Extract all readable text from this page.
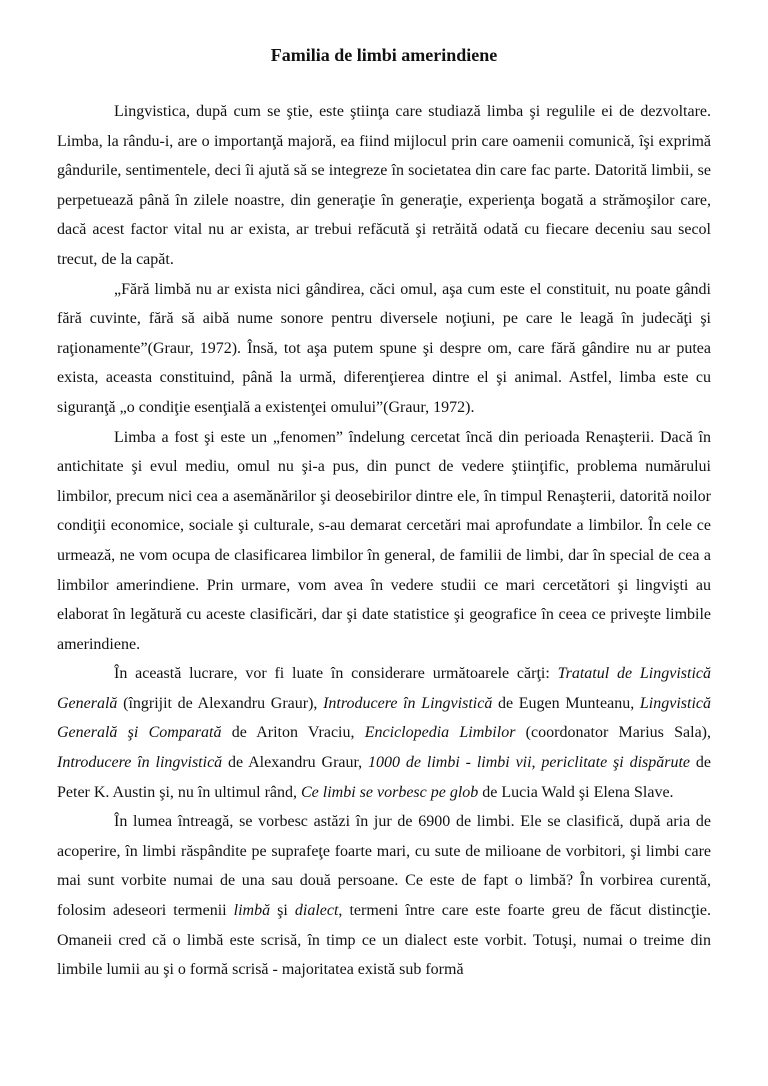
Familia de limbi amerindiene

Lingvistica, după cum se ştie, este ştiinţa care studiază limba şi regulile ei de dezvoltare. Limba, la rându-i, are o importanţă majoră, ea fiind mijlocul prin care oamenii comunică, îşi exprimă gândurile, sentimentele, deci îi ajută să se integreze în societatea din care fac parte. Datorită limbii, se perpetuează până în zilele noastre, din generaţie în generaţie, experienţa bogată a strămoşilor care, dacă acest factor vital nu ar exista, ar trebui refăcută şi retrăită odată cu fiecare deceniu sau secol trecut, de la capăt.

„Fără limbă nu ar exista nici gândirea, căci omul, aşa cum este el constituit, nu poate gândi fără cuvinte, fără să aibă nume sonore pentru diversele noţiuni, pe care le leagă în judecăţi şi raţionamente”(Graur, 1972). Însă, tot aşa putem spune şi despre om, care fără gândire nu ar putea exista, aceasta constituind, până la urmă, diferenţierea dintre el şi animal. Astfel, limba este cu siguranţă „o condiţie esenţială a existenţei omului”(Graur, 1972).

Limba a fost şi este un „fenomen” îndelung cercetat încă din perioada Renaşterii. Dacă în antichitate şi evul mediu, omul nu şi-a pus, din punct de vedere ştiinţific, problema numărului limbilor, precum nici cea a asemănărilor şi deosebirilor dintre ele, în timpul Renaşterii, datorită noilor condiţii economice, sociale şi culturale, s-au demarat cercetări mai aprofundate a limbilor. În cele ce urmează, ne vom ocupa de clasificarea limbilor în general, de familii de limbi, dar în special de cea a limbilor amerindiene. Prin urmare, vom avea în vedere studii ce mari cercetători şi lingvişti au elaborat în legătură cu aceste clasificări, dar şi date statistice şi geografice în ceea ce priveşte limbile amerindiene.

În această lucrare, vor fi luate în considerare următoarele cărţi: Tratatul de Lingvistică Generală (îngrijit de Alexandru Graur), Introducere în Lingvistică de Eugen Munteanu, Lingvistică Generală şi Comparată de Ariton Vraciu, Enciclopedia Limbilor (coordonator Marius Sala), Introducere în lingvistică de Alexandru Graur, 1000 de limbi - limbi vii, periclitate şi dispărute de Peter K. Austin şi, nu în ultimul rând, Ce limbi se vorbesc pe glob de Lucia Wald şi Elena Slave.

În lumea întreagă, se vorbesc astăzi în jur de 6900 de limbi. Ele se clasifică, după aria de acoperire, în limbi răspândite pe suprafeţe foarte mari, cu sute de milioane de vorbitori, şi limbi care mai sunt vorbite numai de una sau două persoane. Ce este de fapt o limbă? În vorbirea curentă, folosim adeseori termenii limbă şi dialect, termeni între care este foarte greu de făcut distincţie. Omaneii cred că o limbă este scrisă, în timp ce un dialect este vorbit. Totuşi, numai o treime din limbile lumii au şi o formă scrisă - majoritatea există sub formă
